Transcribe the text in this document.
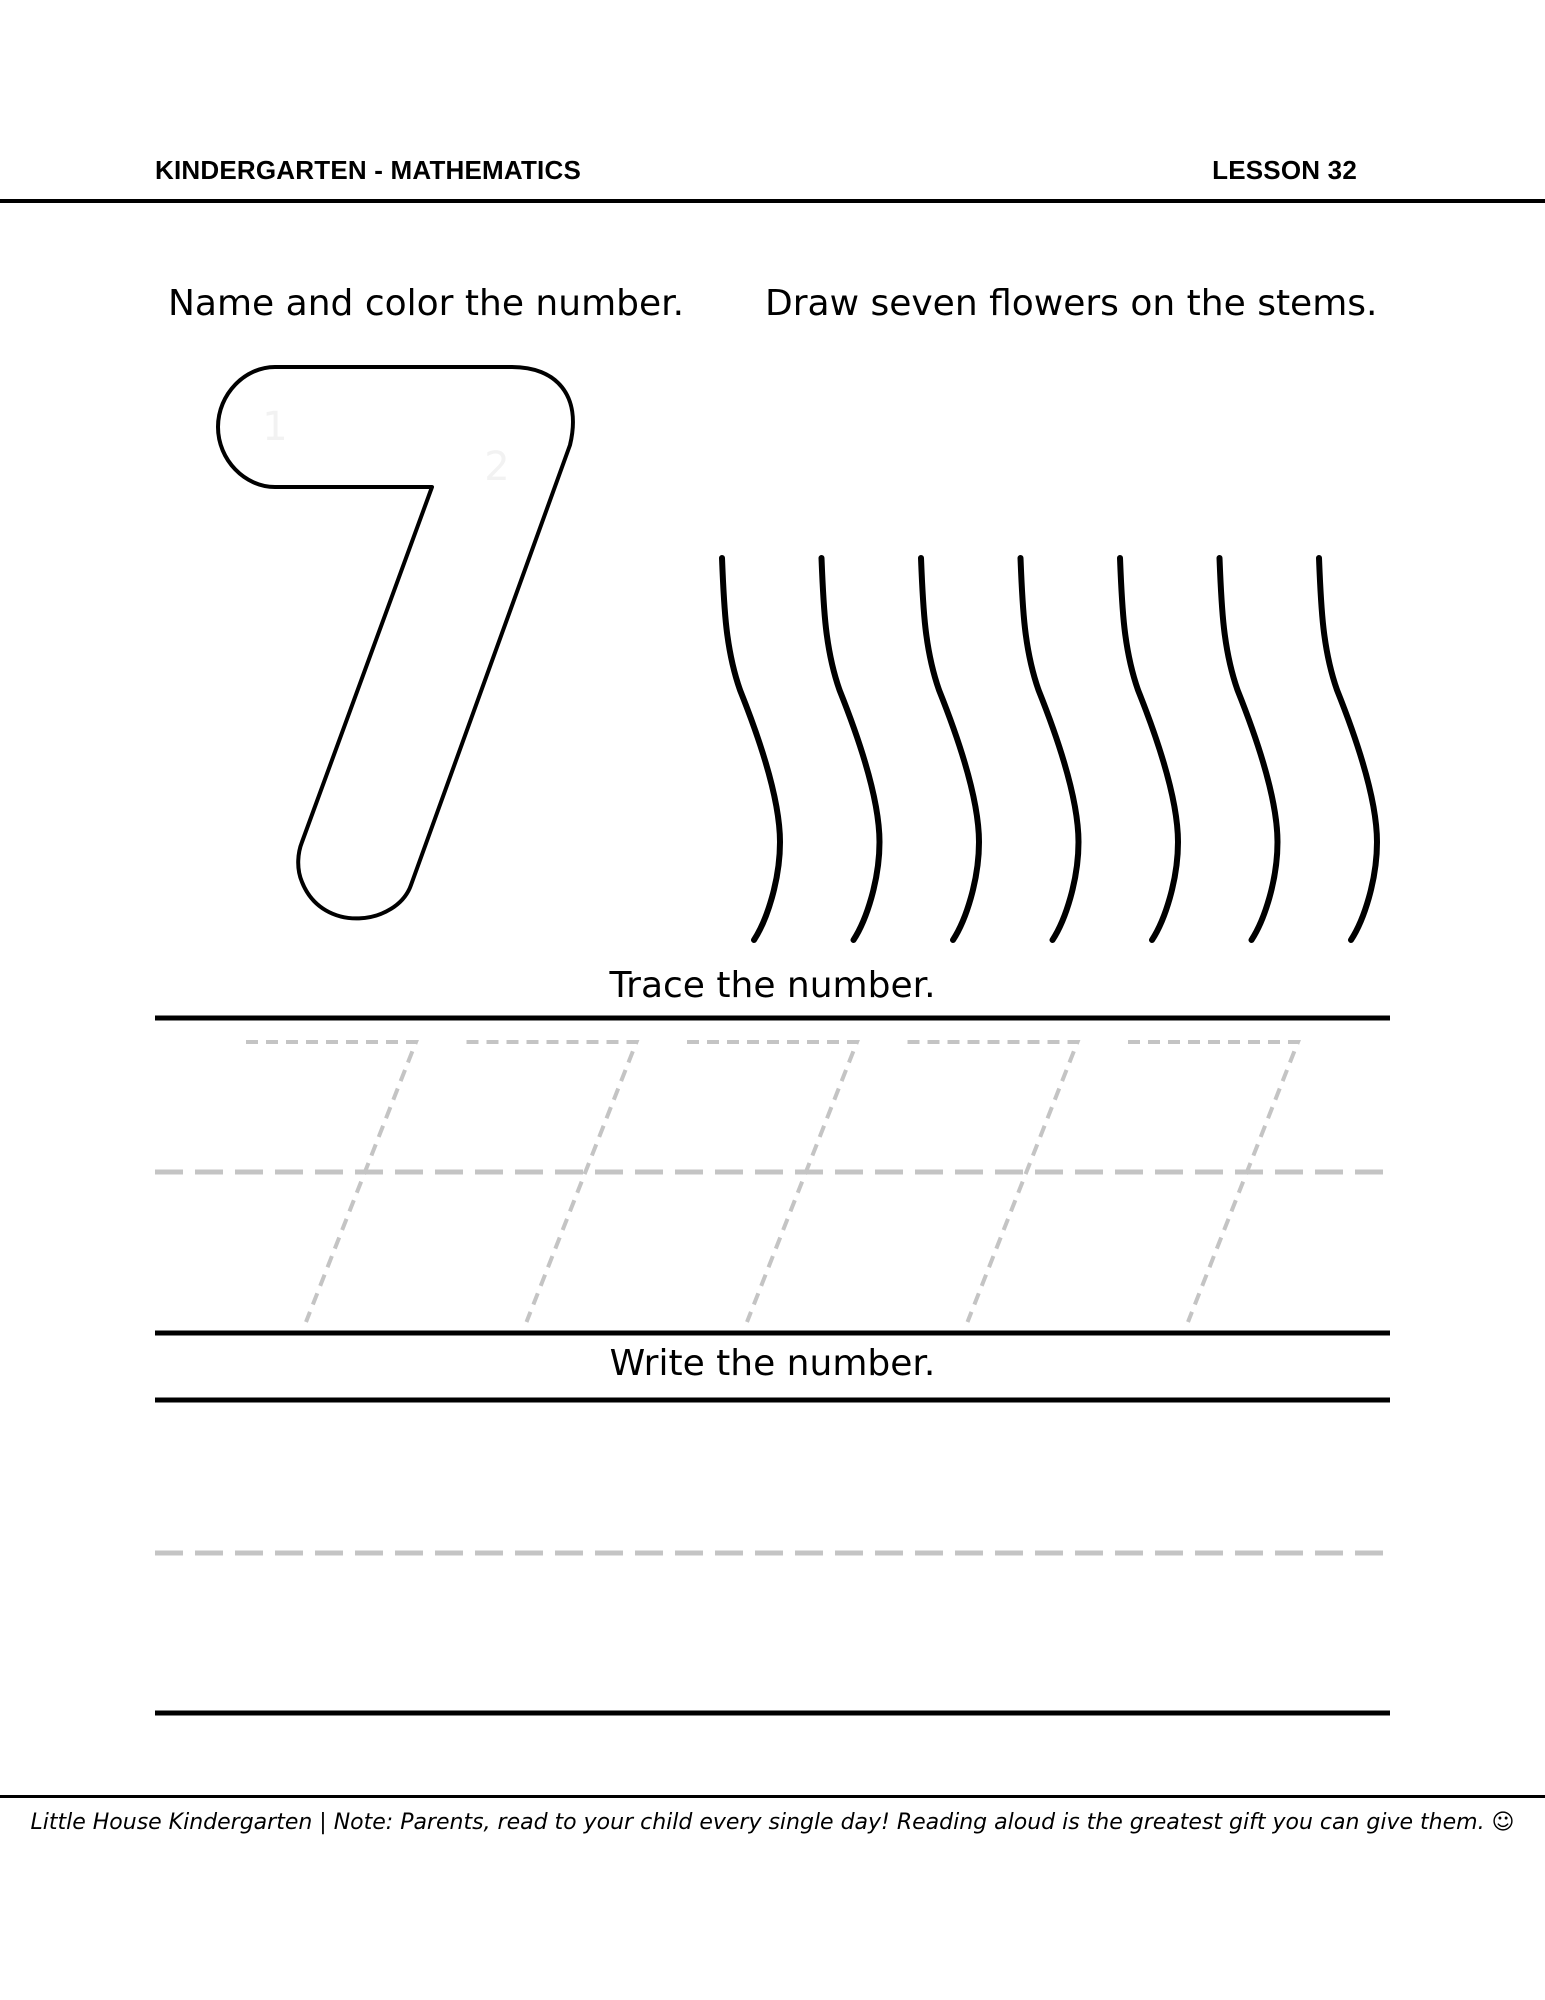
KINDERGARTEN - MATHEMATICS	LESSON 32
Name and color the number. Draw seven flowers on the stems.
Trace the number.
Write the number.
1
2
Little House Kindergarten | Note: Parents, read to your child every single day! Reading aloud is the greatest gift you can give them. ☺
